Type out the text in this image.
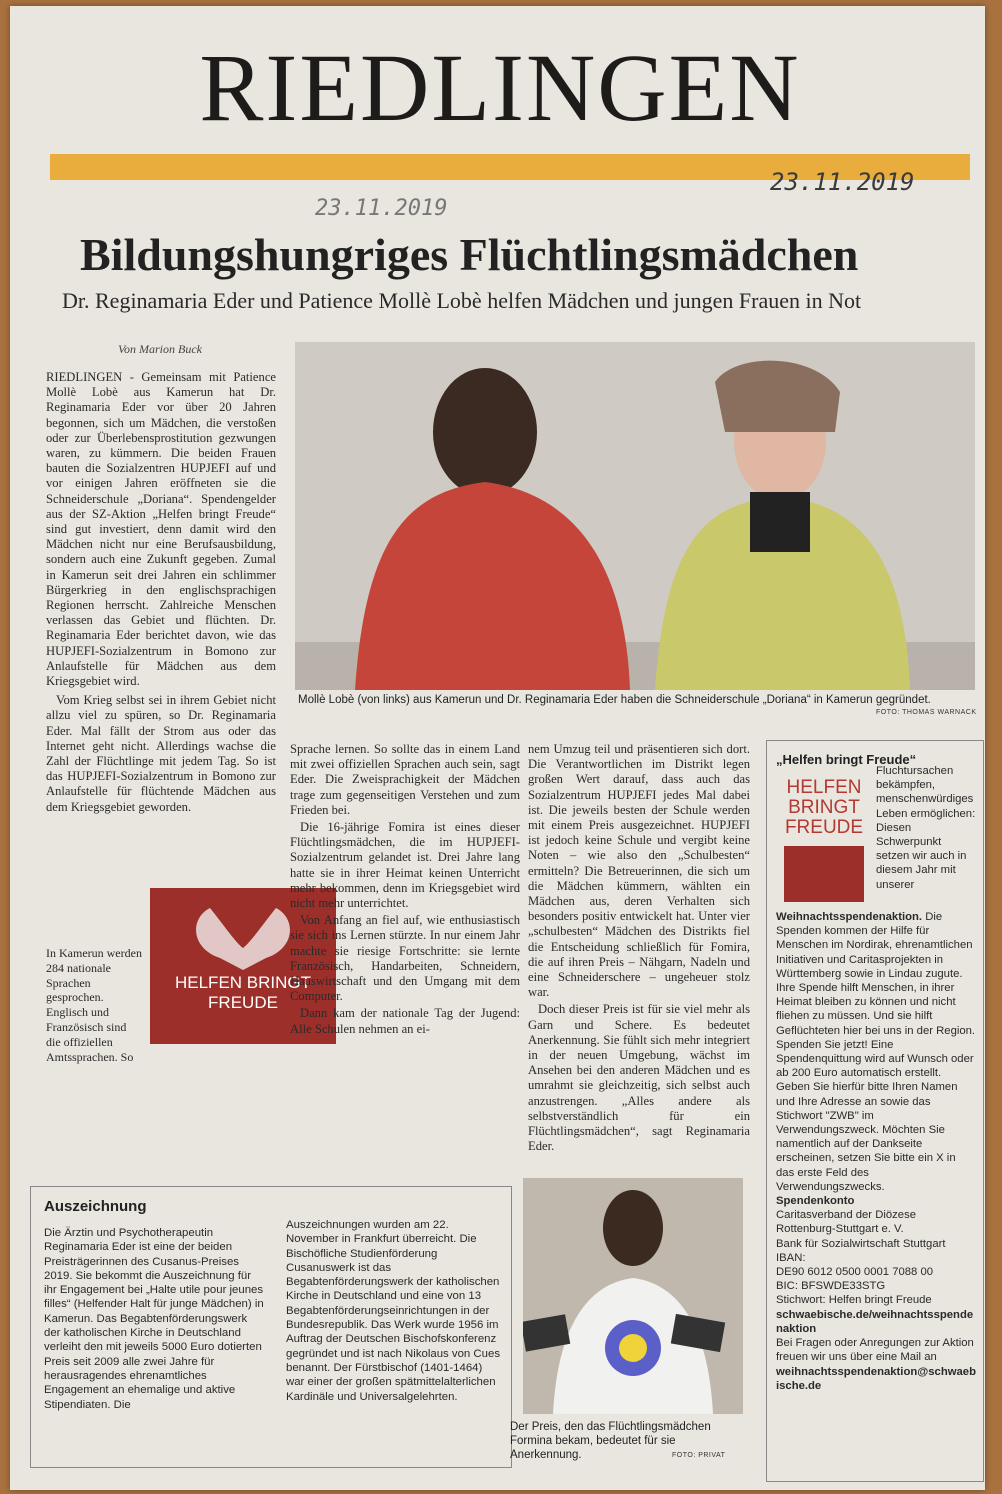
RIEDLINGEN
23.11.2019
23.11.2019
Bildungshungriges Flüchtlingsmädchen
Dr. Reginamaria Eder und Patience Mollè Lobè helfen Mädchen und jungen Frauen in Not
Von Marion Buck

RIEDLINGEN - Gemeinsam mit Patience Mollè Lobè aus Kamerun hat Dr. Reginamaria Eder vor über 20 Jahren begonnen, sich um Mädchen, die verstoßen oder zur Überlebensprostitution gezwungen waren, zu kümmern. Die beiden Frauen bauten die Sozialzentren HUPJEFI auf und vor einigen Jahren eröffneten sie die Schneiderschule „Doriana“. Spendengelder aus der SZ-Aktion „Helfen bringt Freude“ sind gut investiert, denn damit wird den Mädchen nicht nur eine Berufsausbildung, sondern auch eine Zukunft gegeben. Zumal in Kamerun seit drei Jahren ein schlimmer Bürgerkrieg in den englischsprachigen Regionen herrscht. Zahlreiche Menschen verlassen das Gebiet und flüchten. Dr. Reginamaria Eder berichtet davon, wie das HUPJEFI-Sozialzentrum in Bomono zur Anlaufstelle für Mädchen aus dem Kriegsgebiet wird.

Vom Krieg selbst sei in ihrem Gebiet nicht allzu viel zu spüren, so Dr. Reginamaria Eder. Mal fällt der Strom aus oder das Internet geht nicht. Allerdings wachse die Zahl der Flüchtlinge mit jedem Tag. So ist das HUPJEFI-Sozialzentrum in Bomono zur Anlaufstelle für flüchtende Mädchen aus dem Kriegsgebiet geworden.

In Kamerun werden 284 nationale Sprachen gesprochen. Englisch und Französisch sind die offiziellen Amtssprachen. So

HELFEN BRINGT
FREUDE
Mollè Lobè (von links) aus Kamerun und Dr. Reginamaria Eder haben die Schneiderschule „Doriana“ in Kamerun gegründet.
FOTO: THOMAS WARNACK

Sprache lernen. So sollte das in einem Land mit zwei offiziellen Sprachen auch sein, sagt Eder. Die Zweisprachigkeit der Mädchen trage zum gegenseitigen Verstehen und zum Frieden bei.

Die 16-jährige Fomira ist eines dieser Flüchtlingsmädchen, die im HUPJEFI-Sozialzentrum gelandet ist. Drei Jahre lang hatte sie in ihrer Heimat keinen Unterricht mehr bekommen, denn im Kriegsgebiet wird nicht mehr unterrichtet.

Von Anfang an fiel auf, wie enthusiastisch sie sich ins Lernen stürzte. In nur einem Jahr machte sie riesige Fortschritte: sie lernte Französisch, Handarbeiten, Schneidern, Hauswirtschaft und den Umgang mit dem Computer.

Dann kam der nationale Tag der Jugend: Alle Schulen nehmen an ei-

nem Umzug teil und präsentieren sich dort. Die Verantwortlichen im Distrikt legen großen Wert darauf, dass auch das Sozialzentrum HUPJEFI jedes Mal dabei ist. Die jeweils besten der Schule werden mit einem Preis ausgezeichnet. HUPJEFI ist jedoch keine Schule und vergibt keine Noten – wie also den „Schulbesten“ ermitteln? Die Betreuerinnen, die sich um die Mädchen kümmern, wählten ein Mädchen aus, deren Verhalten sich besonders positiv entwickelt hat. Unter vier „schulbesten“ Mädchen des Distrikts fiel die Entscheidung schließlich für Fomira, die auf ihren Preis – Nähgarn, Nadeln und eine Schneiderschere – ungeheuer stolz war.

Doch dieser Preis ist für sie viel mehr als Garn und Schere. Es bedeutet Anerkennung. Sie fühlt sich mehr integriert in der neuen Umgebung, wächst im Ansehen bei den anderen Mädchen und es umrahmt sie gleichzeitig, sich selbst auch anzustrengen. „Alles andere als selbstverständlich für ein Flüchtlingsmädchen“, sagt Reginamaria Eder.

Auszeichnung
Die Ärztin und Psychotherapeutin Reginamaria Eder ist eine der beiden Preisträgerinnen des Cusanus-Preises 2019. Sie bekommt die Auszeichnung für ihr Engagement bei „Halte utile pour jeunes filles“ (Helfender Halt für junge Mädchen) in Kamerun. Das Begabtenförderungswerk der katholischen Kirche in Deutschland verleiht den mit jeweils 5000 Euro dotierten Preis seit 2009 alle zwei Jahre für herausragendes ehrenamtliches Engagement an ehemalige und aktive Stipendiaten. Die
Auszeichnungen wurden am 22. November in Frankfurt überreicht. Die Bischöfliche Studienförderung Cusanuswerk ist das Begabtenförderungswerk der katholischen Kirche in Deutschland und eine von 13 Begabtenförderungseinrichtungen in der Bundesrepublik. Das Werk wurde 1956 im Auftrag der Deutschen Bischofskonferenz gegründet und ist nach Nikolaus von Cues benannt. Der Fürstbischof (1401-1464) war einer der großen spätmittelalterlichen Kardinäle und Universalgelehrten.
Der Preis, den das Flüchtlingsmädchen Formina bekam, bedeutet für sie Anerkennung.	FOTO: PRIVAT
„Helfen bringt Freude“
HELFEN
BRINGT
FREUDE
Fluchtursachen bekämpfen, menschenwürdiges Leben ermöglichen: Diesen Schwerpunkt setzen wir auch in diesem Jahr mit unserer
Weihnachtsspendenaktion. Die Spenden kommen der Hilfe für Menschen im Nordirak, ehrenamtlichen Initiativen und Caritasprojekten in Württemberg sowie in Lindau zugute. Ihre Spende hilft Menschen, in ihrer Heimat bleiben zu können und nicht fliehen zu müssen. Und sie hilft Geflüchteten hier bei uns in der Region.
Spenden Sie jetzt! Eine Spendenquittung wird auf Wunsch oder ab 200 Euro automatisch erstellt. Geben Sie hierfür bitte Ihren Namen und Ihre Adresse an sowie das Stichwort "ZWB" im Verwendungszweck. Möchten Sie namentlich auf der Dankseite erscheinen, setzen Sie bitte ein X in das erste Feld des Verwendungszwecks.
Spendenkonto
Caritasverband der Diözese Rottenburg-Stuttgart e. V.
Bank für Sozialwirtschaft Stuttgart
IBAN:
DE90 6012 0500 0001 7088 00
BIC: BFSWDE33STG
Stichwort: Helfen bringt Freude
schwaebische.de/weihnachtsspendenaktion
Bei Fragen oder Anregungen zur Aktion freuen wir uns über eine Mail an
weihnachtsspendenaktion@schwaebische.de
